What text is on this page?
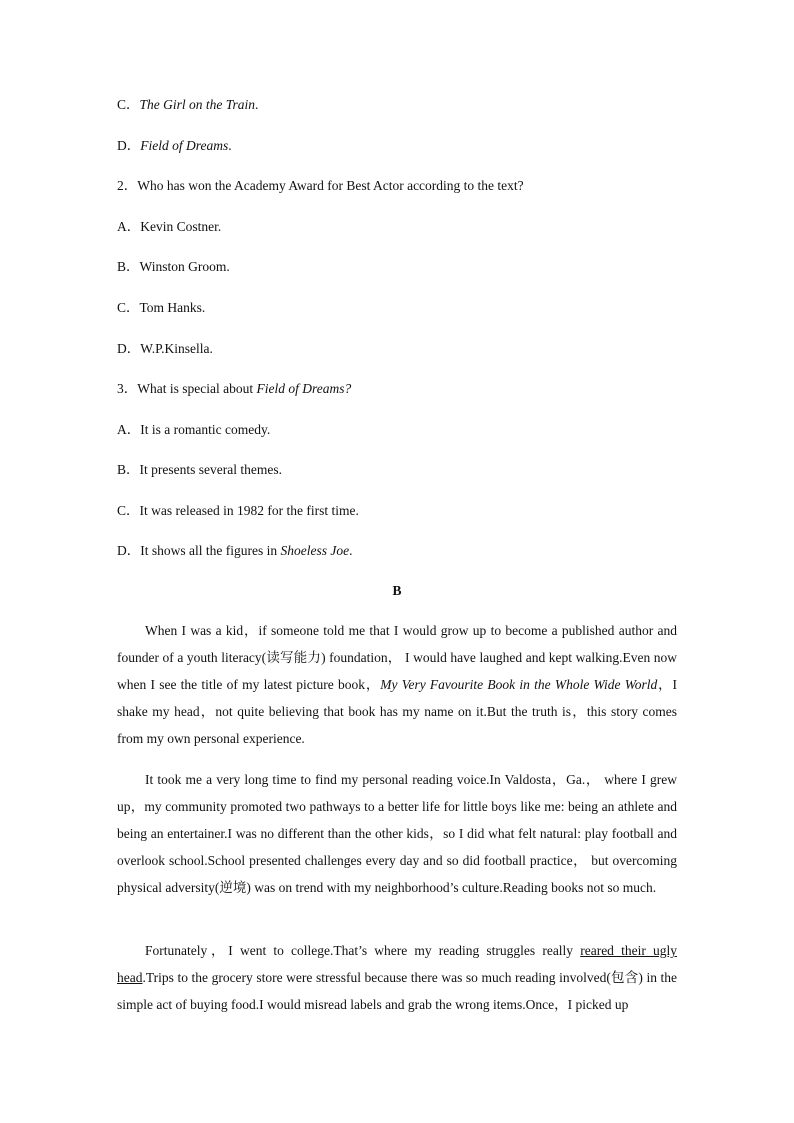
C．The Girl on the Train.
D．Field of Dreams.
2．Who has won the Academy Award for Best Actor according to the text?
A．Kevin Costner.
B．Winston Groom.
C．Tom Hanks.
D．W.P.Kinsella.
3．What is special about Field of Dreams?
A．It is a romantic comedy.
B．It presents several themes.
C．It was released in 1982 for the first time.
D．It shows all the figures in Shoeless Joe.
B

When I was a kid，if someone told me that I would grow up to become a published author and founder of a youth literacy(读写能力) foundation， I would have laughed and kept walking.Even now when I see the title of my latest picture book，My Very Favourite Book in the Whole Wide World，I shake my head，not quite believing that book has my name on it.But the truth is，this story comes from my own personal experience.

It took me a very long time to find my personal reading voice.In Valdosta，Ga.， where I grew up，my community promoted two pathways to a better life for little boys like me: being an athlete and being an entertainer.I was no different than the other kids，so I did what felt natural: play football and overlook school.School presented challenges every day and so did football practice， but overcoming physical adversity(逆境) was on trend with my neighborhood’s culture.Reading books not so much.

Fortunately，I went to college.That’s where my reading struggles really reared their ugly head.Trips to the grocery store were stressful because there was so much reading involved(包含) in the simple act of buying food.I would misread labels and grab the wrong items.Once，I picked up
